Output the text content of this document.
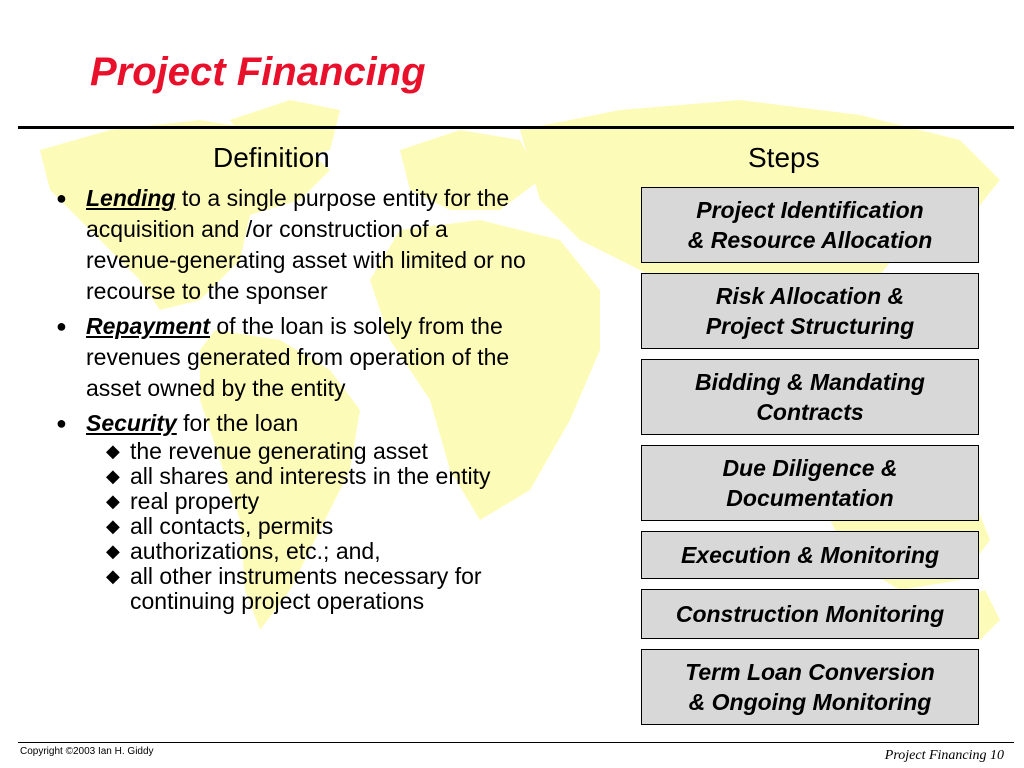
Project Financing
Definition	Steps
● Lending to a single purpose entity for the acquisition and /or construction of a revenue-generating asset with limited or no recourse to the sponser
● Repayment of the loan is solely from the revenues generated from operation of the asset owned by the entity
● Security for the loan
◆ the revenue generating asset
◆ all shares and interests in the entity
◆ real property
◆ all contacts, permits
◆ authorizations, etc.; and,
◆ all other instruments necessary for continuing project operations
Project Identification
& Resource Allocation
Risk Allocation &
Project Structuring
Bidding & Mandating
Contracts
Due Diligence &
Documentation
Execution & Monitoring
Construction Monitoring
Term Loan Conversion
& Ongoing Monitoring
Copyright ©2003 Ian H. Giddy	Project Financing 10
